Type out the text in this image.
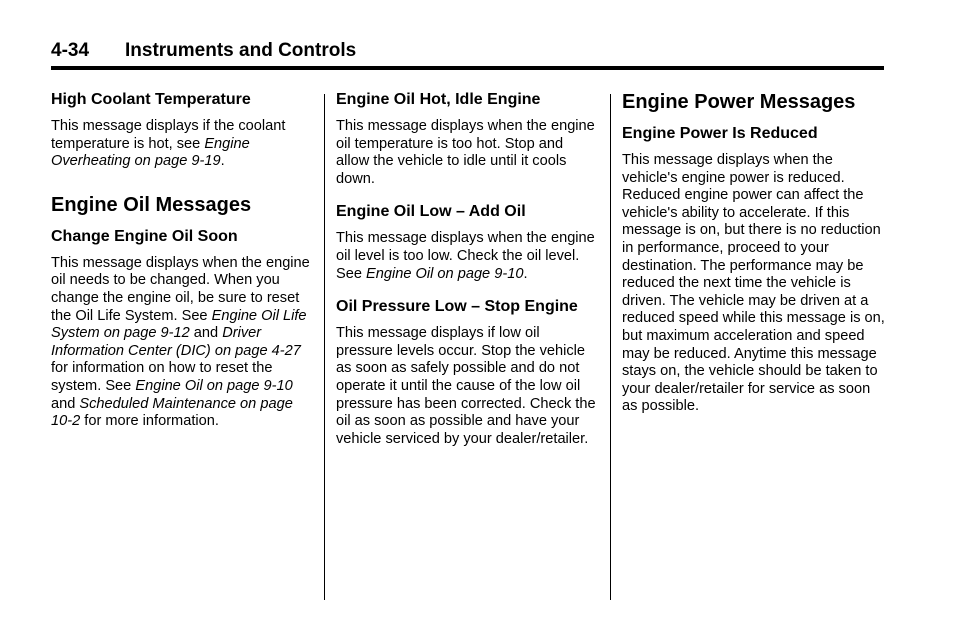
4-34 Instruments and Controls
High Coolant Temperature

This message displays if the coolant temperature is hot, see Engine Overheating on page 9-19.

Engine Oil Messages
Change Engine Oil Soon

This message displays when the engine oil needs to be changed. When you change the engine oil, be sure to reset the Oil Life System. See Engine Oil Life System on page 9-12 and Driver Information Center (DIC) on page 4-27 for information on how to reset the system. See Engine Oil on page 9-10 and Scheduled Maintenance on page 10-2 for more information.

Engine Oil Hot, Idle Engine

This message displays when the engine oil temperature is too hot. Stop and allow the vehicle to idle until it cools down.

Engine Oil Low – Add Oil

This message displays when the engine oil level is too low. Check the oil level. See Engine Oil on page 9-10.

Oil Pressure Low – Stop Engine

This message displays if low oil pressure levels occur. Stop the vehicle as soon as safely possible and do not operate it until the cause of the low oil pressure has been corrected. Check the oil as soon as possible and have your vehicle serviced by your dealer/retailer.

Engine Power Messages
Engine Power Is Reduced

This message displays when the vehicle's engine power is reduced. Reduced engine power can affect the vehicle's ability to accelerate. If this message is on, but there is no reduction in performance, proceed to your destination. The performance may be reduced the next time the vehicle is driven. The vehicle may be driven at a reduced speed while this message is on, but maximum acceleration and speed may be reduced. Anytime this message stays on, the vehicle should be taken to your dealer/retailer for service as soon as possible.
